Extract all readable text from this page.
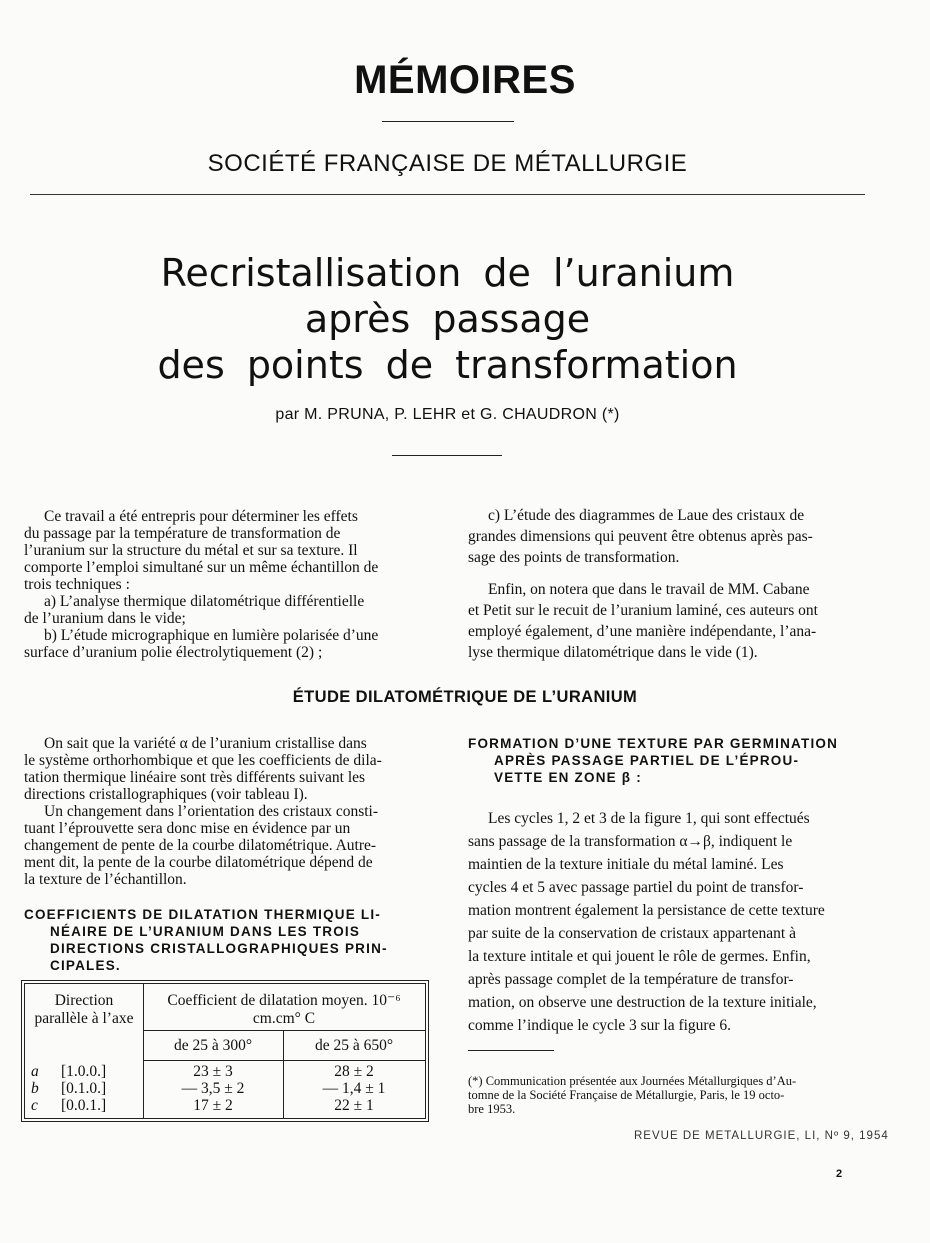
MÉMOIRES
SOCIÉTÉ FRANÇAISE DE MÉTALLURGIE
Recristallisation de l’uranium
après passage
des points de transformation
par M. PRUNA, P. LEHR et G. CHAUDRON (*)

Ce travail a été entrepris pour déterminer les effets

du passage par la température de transformation de

l’uranium sur la structure du métal et sur sa texture. Il

comporte l’emploi simultané sur un même échantillon de

trois techniques :

a) L’analyse thermique dilatométrique différentielle

de l’uranium dans le vide;

b) L’étude micrographique en lumière polarisée d’une

surface d’uranium polie électrolytiquement (2) ;

c) L’étude des diagrammes de Laue des cristaux de

grandes dimensions qui peuvent être obtenus après pas-

sage des points de transformation.

Enfin, on notera que dans le travail de MM. Cabane

et Petit sur le recuit de l’uranium laminé, ces auteurs ont

employé également, d’une manière indépendante, l’ana-

lyse thermique dilatométrique dans le vide (1).

ÉTUDE DILATOMÉTRIQUE DE L’URANIUM

On sait que la variété α de l’uranium cristallise dans

le système orthorhombique et que les coefficients de dila-

tation thermique linéaire sont très différents suivant les

directions cristallographiques (voir tableau I).

Un changement dans l’orientation des cristaux consti-

tuant l’éprouvette sera donc mise en évidence par un

changement de pente de la courbe dilatométrique. Autre-

ment dit, la pente de la courbe dilatométrique dépend de

la texture de l’échantillon.

COEFFICIENTS DE DILATATION THERMIQUE LI-
NÉAIRE DE L’URANIUM DANS LES TROIS
DIRECTIONS CRISTALLOGRAPHIQUES PRIN-
CIPALES.
Direction
parallèle à l’axe
Coefficient de dilatation moyen. 10⁻⁶
cm.cm° C
de 25 à 300°	de 25 à 650°
a	[1.0.0.]	23 ± 3	28 ± 2
b	[0.1.0.]	— 3,5 ± 2	— 1,4 ± 1
c	[0.0.1.]	17 ± 2	22 ± 1
FORMATION D’UNE TEXTURE PAR GERMINATION
APRÈS PASSAGE PARTIEL DE L’ÉPROU-
VETTE EN ZONE β :

Les cycles 1, 2 et 3 de la figure 1, qui sont effectués

sans passage de la transformation α→β, indiquent le

maintien de la texture initiale du métal laminé. Les

cycles 4 et 5 avec passage partiel du point de transfor-

mation montrent également la persistance de cette texture

par suite de la conservation de cristaux appartenant à

la texture intitale et qui jouent le rôle de germes. Enfin,

après passage complet de la température de transfor-

mation, on observe une destruction de la texture initiale,

comme l’indique le cycle 3 sur la figure 6.

(*) Communication présentée aux Journées Métallurgiques d’Au-
tomne de la Société Française de Métallurgie, Paris, le 19 octo-
bre 1953.
REVUE DE METALLURGIE, LI, Nº 9, 1954
2
